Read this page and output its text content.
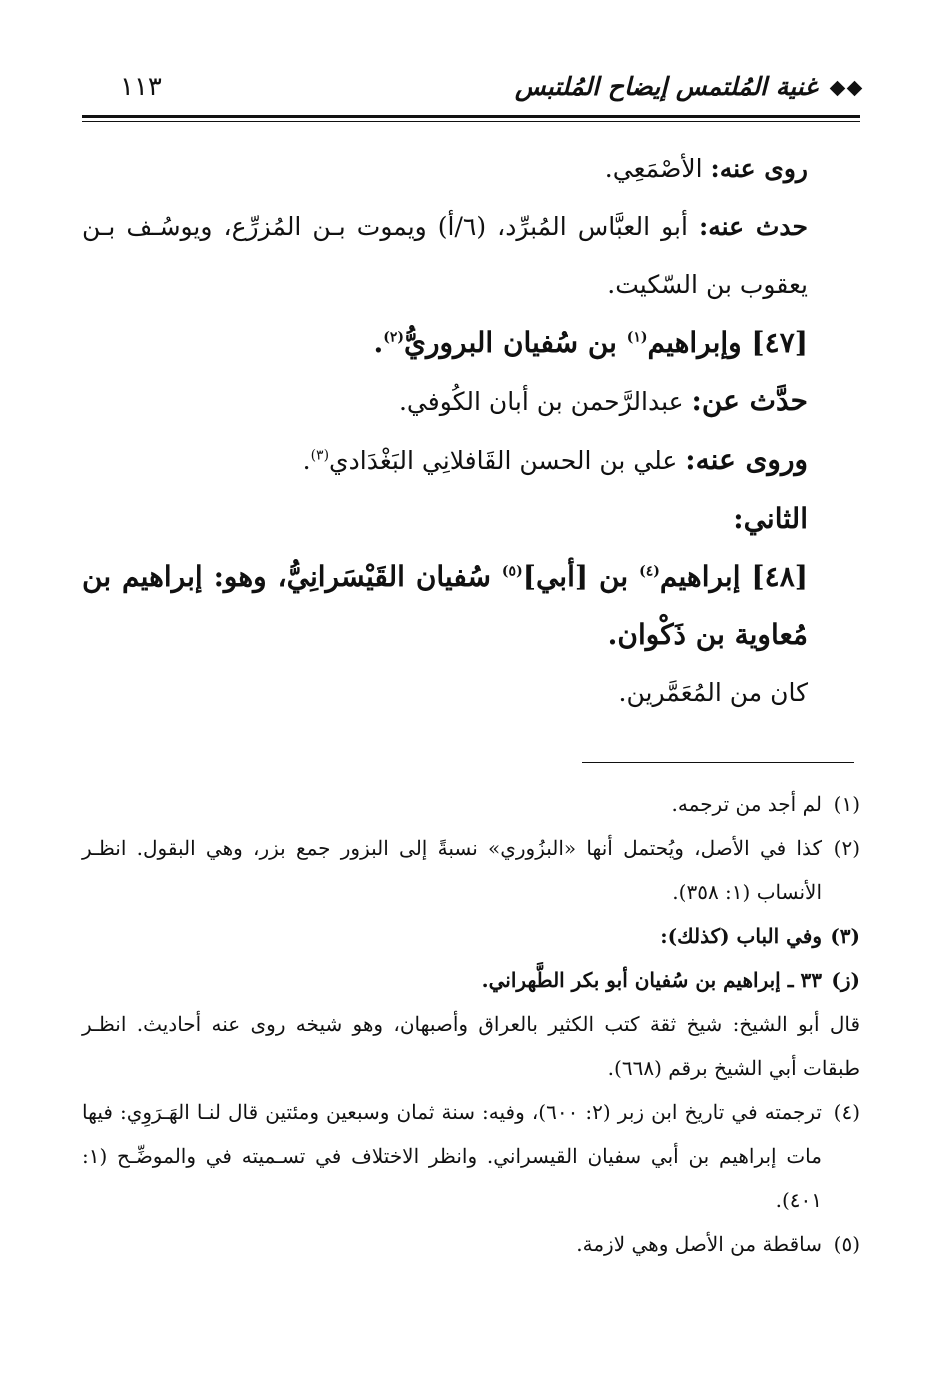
غنية المُلتمس إيضاح المُلتبس
١١٣

روى عنه: الأصْمَعِي.

حدث عنه: أبو العبَّاس المُبرِّد، (٦/أ) ويموت بـن المُزرِّع، ويوسُـف بـن يعقوب بن السّكيت.

[٤٧] وإبراهيم$^{(١)}$ بن سُفيان البروريُّ$^{(٢)}$.

حدَّث عن: عبدالرَّحمن بن أبان الكُوفي.

وروى عنه: علي بن الحسن القَافلانِي البَغْدَادي$^{(٣)}$.

الثاني:

[٤٨] إبراهيم$^{(٤)}$ بن [أبي]$^{(٥)}$ سُفيان القَيْسَرانِيُّ، وهو: إبراهيم بن مُعاوية بن ذَكْوان.

كان من المُعَمَّرين.

(١)لم أجد من ترجمه.

(٢)كذا في الأصل، ويُحتمل أنها «البزُوري» نسبةً إلى البزور جمع بزر، وهي البقول. انظـر الأنساب (١: ٣٥٨).

(٣)وفي الباب (كذلك):

(ز)٣٣ ـ إبراهيم بن سُفيان أبو بكر الطَّهراني.

قال أبو الشيخ: شيخ ثقة كتب الكثير بالعراق وأصبهان، وهو شيخه روى عنه أحاديث. انظـر طبقات أبي الشيخ برقم (٦٦٨).

(٤)ترجمته في تاريخ ابن زبر (٢: ٦٠٠)، وفيه: سنة ثمان وسبعين ومئتين قال لنـا الهَـرَوِي: فيها مات إبراهيم بن أبي سفيان القيسراني. وانظر الاختلاف في تسـميته في والموضِّـح (١: ٤٠١).

(٥)ساقطة من الأصل وهي لازمة.
